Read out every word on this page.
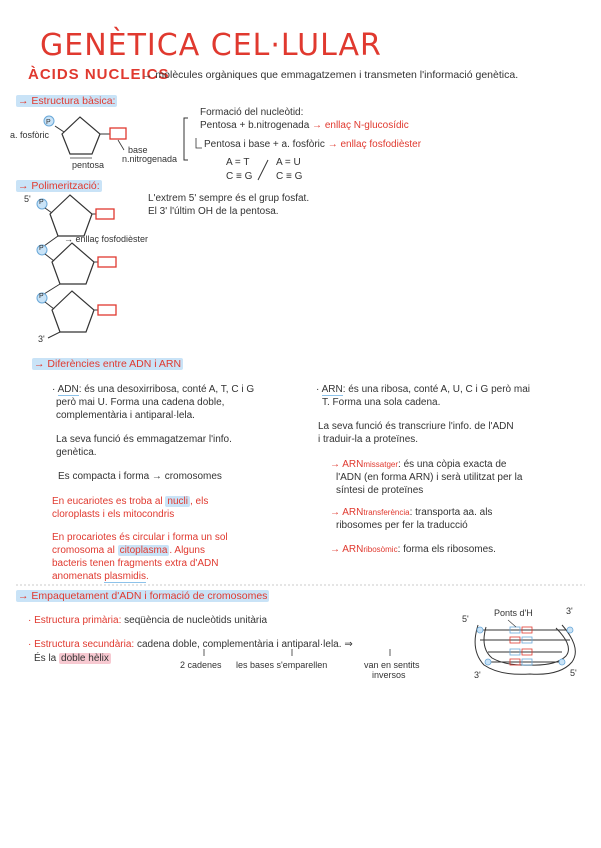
GENÈTICA CEL·LULAR
ÀCIDS NUCLEICS
→ molècules orgàniques que emmagatzemen i transmeten l'informació genètica.
→ Estructura bàsica:
P
a. fosfòric
pentosa
base
n.nitrogenada
Formació del nucleòtid:
Pentosa + b.nitrogenada → enllaç N-glucosídic
Pentosa i base + a. fosfòric → enllaç fosfodièster
A = T
C ≡ G
A = U
C ≡ G
→ Polimerització:
L'extrem 5' sempre és el grup fosfat.
El 3' l'últim OH de la pentosa.
5'
3'
→ enllaç fosfodièster
→ Diferències entre ADN i ARN
· ADN: és una desoxirribosa, conté A, T, C i G
però mai U. Forma una cadena doble,
complementària i antiparal·lela.
La seva funció és emmagatzemar l'info.
genètica.
Es compacta i forma → cromosomes
En eucariotes es troba al nucli , els
cloroplasts i els mitocondris
En procariotes és circular i forma un sol
cromosoma al citoplasma . Alguns
bacteris tenen fragments extra d'ADN
anomenats plasmidis.
· ARN: és una ribosa, conté A, U, C i G però mai
T. Forma una sola cadena.
La seva funció és transcriure l'info. de l'ADN
i traduir-la a proteïnes.
→ ARNmissatger: és una còpia exacta de
l'ADN (en forma ARN) i serà utilitzat per la
síntesi de proteïnes
→ ARNtransferència: transporta aa. als
ribosomes per fer la traducció
→ ARNribosòmic: forma els ribosomes.
→ Empaquetament d'ADN i formació de cromosomes
· Estructura primària: seqüència de nucleòtids unitària
· Estructura secundària: cadena doble, complementària i antiparal·lela. ⇒
És la doble hèlix
2 cadenes les bases s'emparellen	van en sentits
inversos
Ponts d'H
5'
3'
3'	5'
P
P
P
